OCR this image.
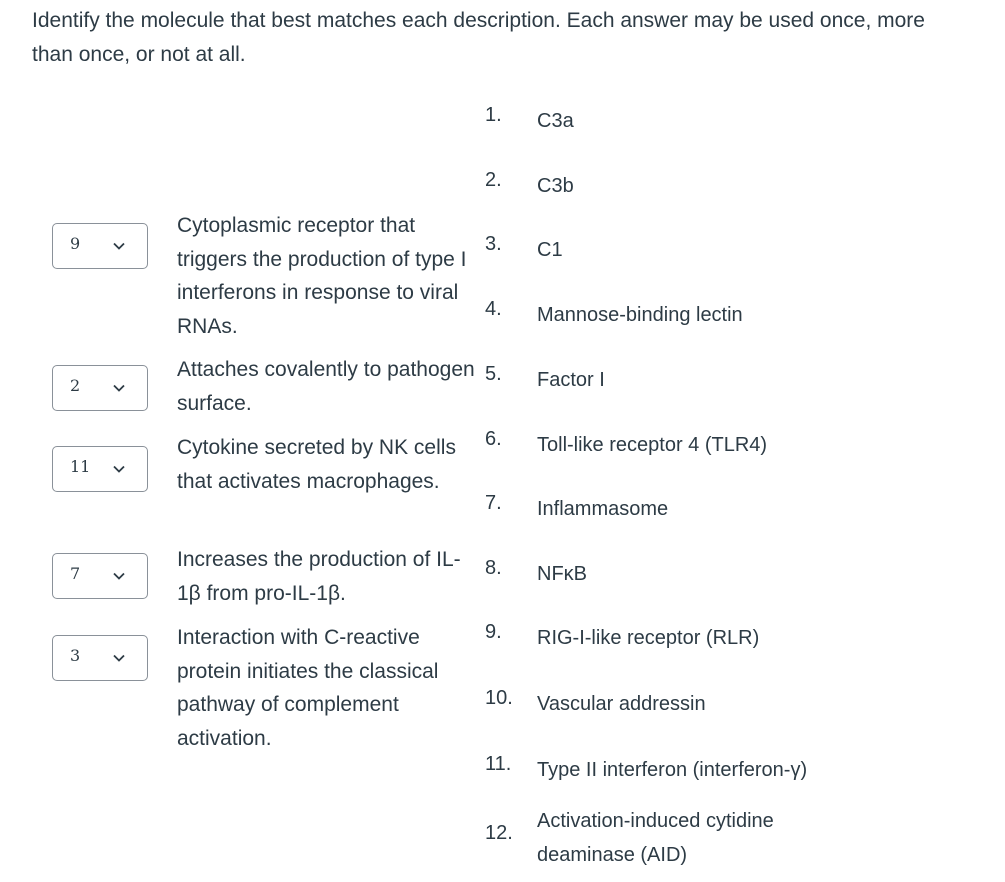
Identify the molecule that best matches each description. Each answer may be used once, more than once, or not at all.

9
Cytoplasmic receptor that triggers the production of type I interferons in response to viral RNAs.
2
Attaches covalently to pathogen surface.
11
Cytokine secreted by NK cells that activates macrophages.
7
Increases the production of IL-1β from pro-IL-1β.
3
Interaction with C-reactive protein initiates the classical pathway of complement activation.
1. C3a
2. C3b
3. C1
4. Mannose-binding lectin
5. Factor I
6. Toll-like receptor 4 (TLR4)
7. Inflammasome
8. NFκB
9. RIG-I-like receptor (RLR)
10. Vascular addressin
11. Type II interferon (interferon-γ)
12.
Activation-induced cytidine deaminase (AID)
